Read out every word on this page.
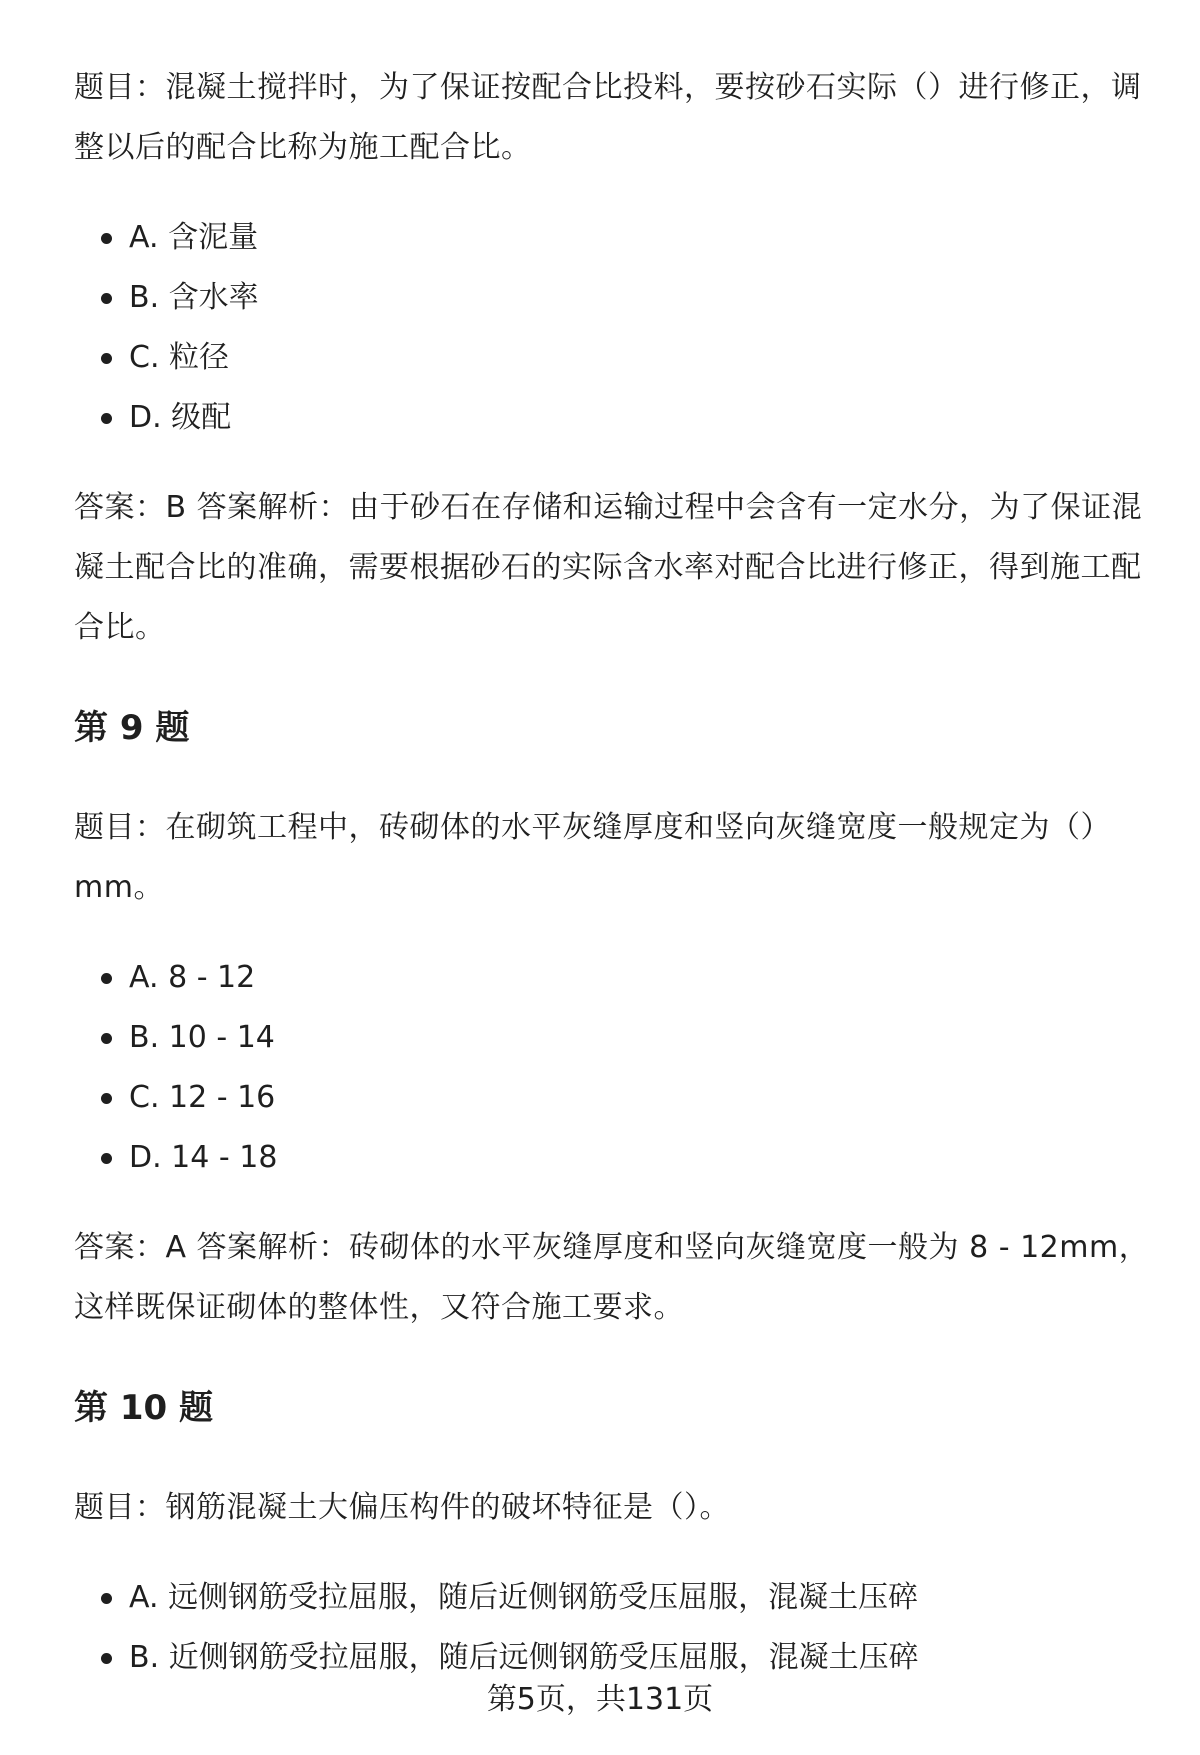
题目：混凝土搅拌时，为了保证按配合比投料，要按砂石实际（）进行修正，调整以后的配合比称为施工配合比。

A. 含泥量
B. 含水率
C. 粒径
D. 级配

答案：B 答案解析：由于砂石在存储和运输过程中会含有一定水分，为了保证混凝土配合比的准确，需要根据砂石的实际含水率对配合比进行修正，得到施工配合比。

第 9 题

题目：在砌筑工程中，砖砌体的水平灰缝厚度和竖向灰缝宽度一般规定为（）mm。

A. 8 - 12
B. 10 - 14
C. 12 - 16
D. 14 - 18

答案：A 答案解析：砖砌体的水平灰缝厚度和竖向灰缝宽度一般为 8 - 12mm，这样既保证砌体的整体性，又符合施工要求。

第 10 题

题目：钢筋混凝土大偏压构件的破坏特征是（）。

A. 远侧钢筋受拉屈服，随后近侧钢筋受压屈服，混凝土压碎
B. 近侧钢筋受拉屈服，随后远侧钢筋受压屈服，混凝土压碎
第5页，共131页
